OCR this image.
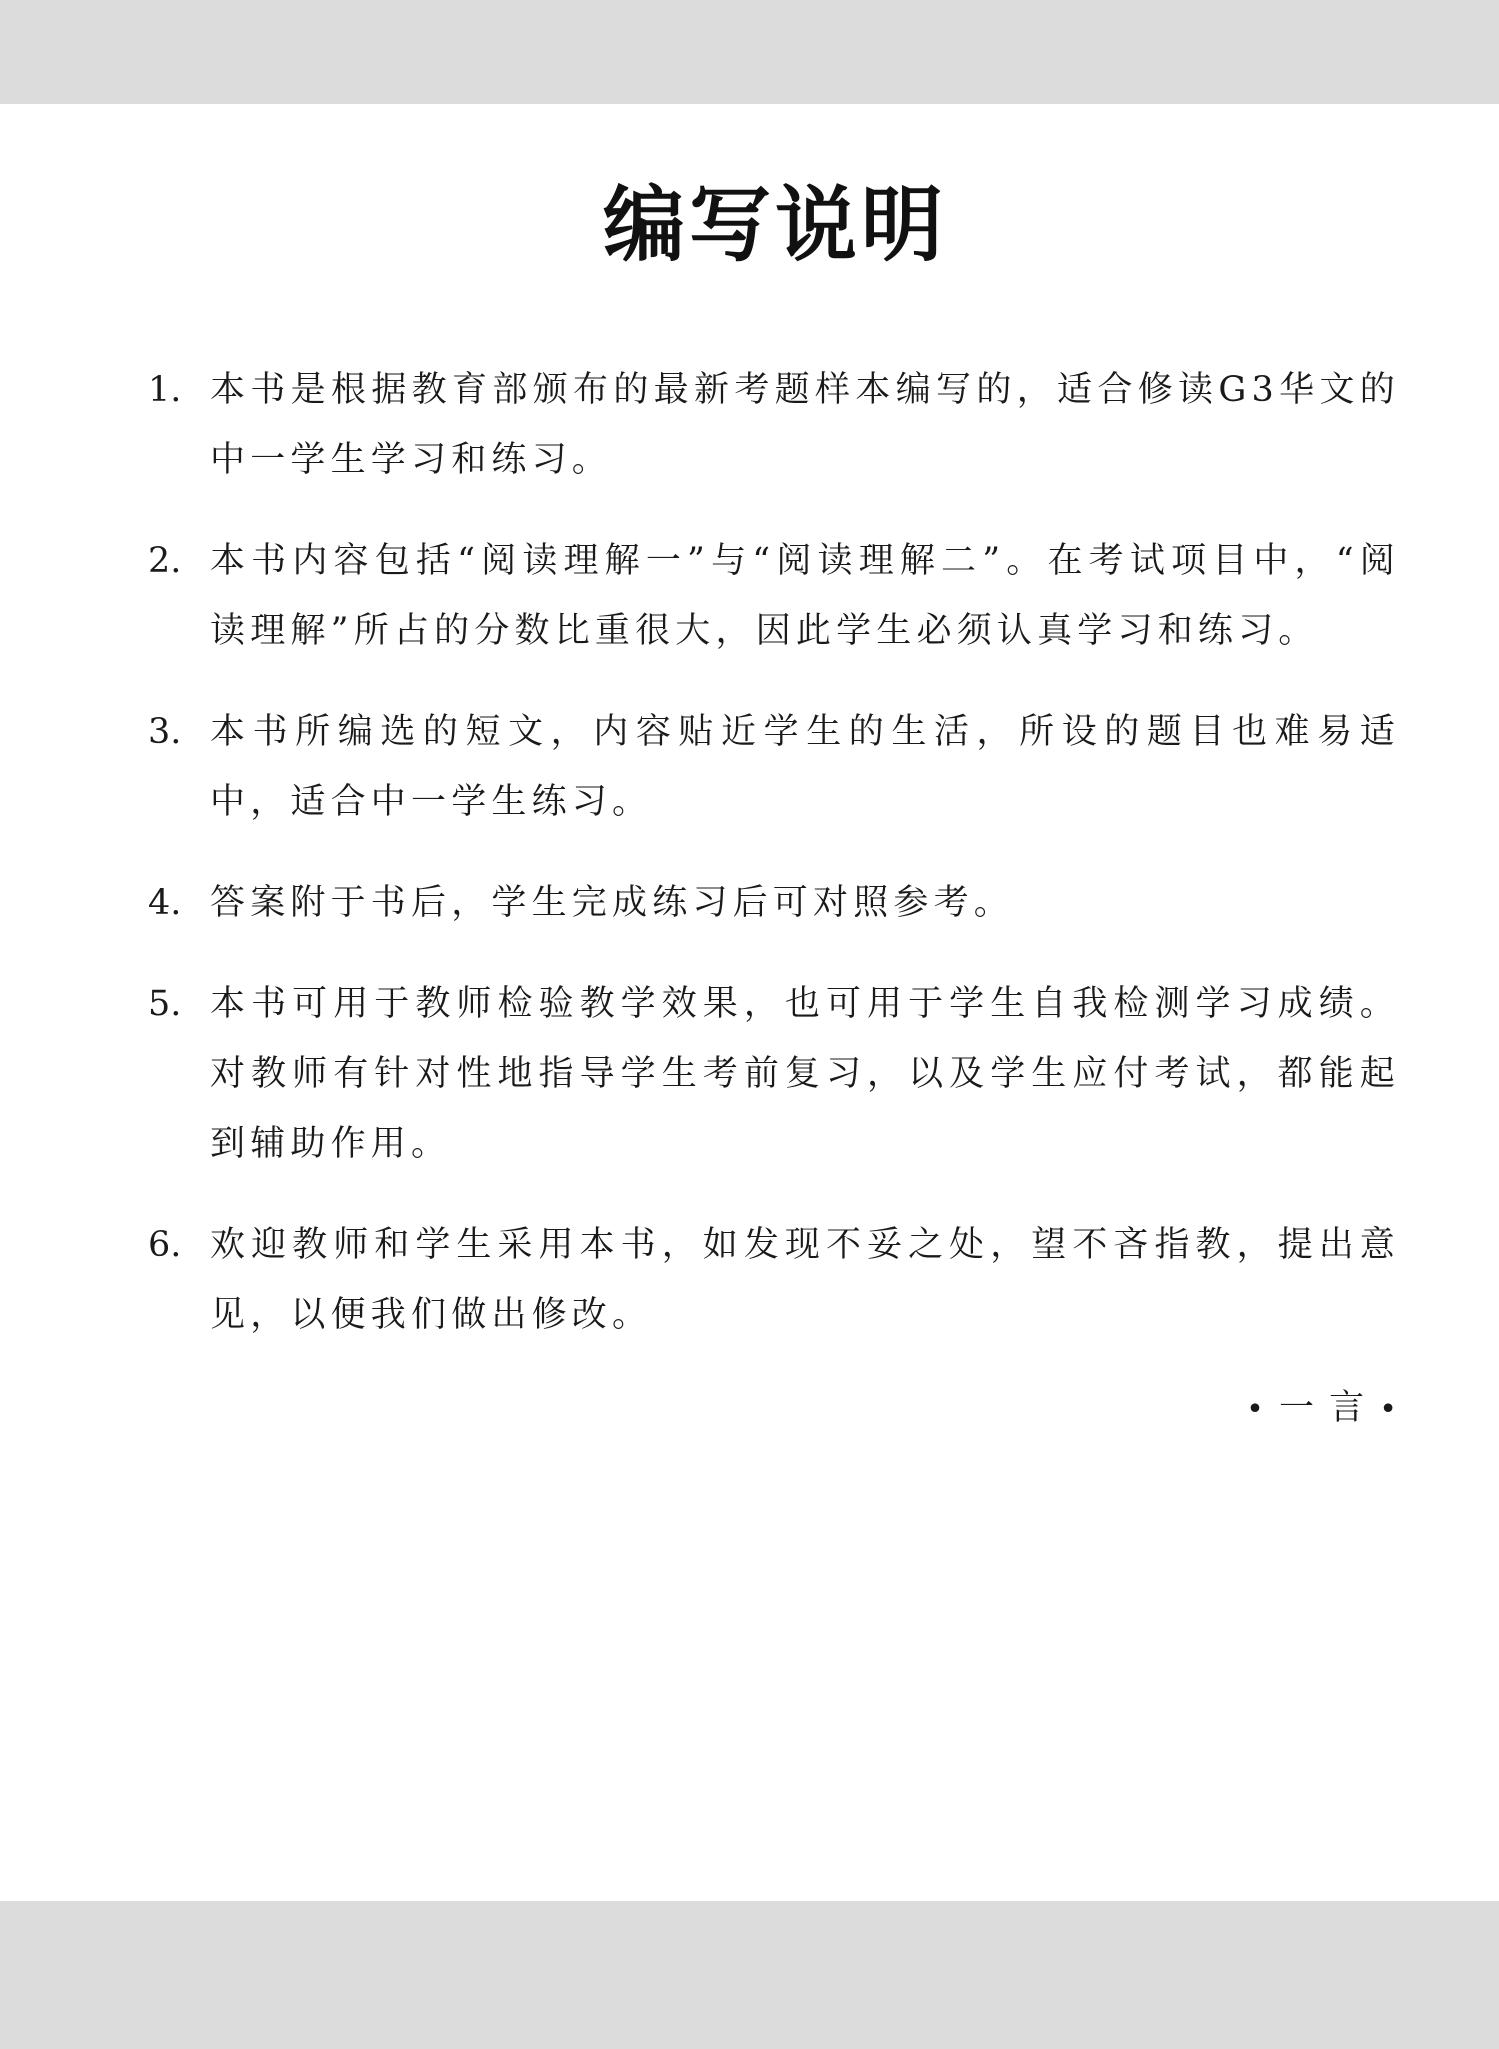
编写说明
1. 本书是根据教育部颁布的最新考题样本编写的，适合修读G3华文的中一学生学习和练习。
2. 本书内容包括“阅读理解一”与“阅读理解二”。在考试项目中，“阅读理解”所占的分数比重很大，因此学生必须认真学习和练习。
3. 本书所编选的短文，内容贴近学生的生活，所设的题目也难易适中，适合中一学生练习。
4. 答案附于书后，学生完成练习后可对照参考。
5. 本书可用于教师检验教学效果，也可用于学生自我检测学习成绩。对教师有针对性地指导学生考前复习，以及学生应付考试，都能起到辅助作用。
6. 欢迎教师和学生采用本书，如发现不妥之处，望不吝指教，提出意见，以便我们做出修改。
• 一 言 •
